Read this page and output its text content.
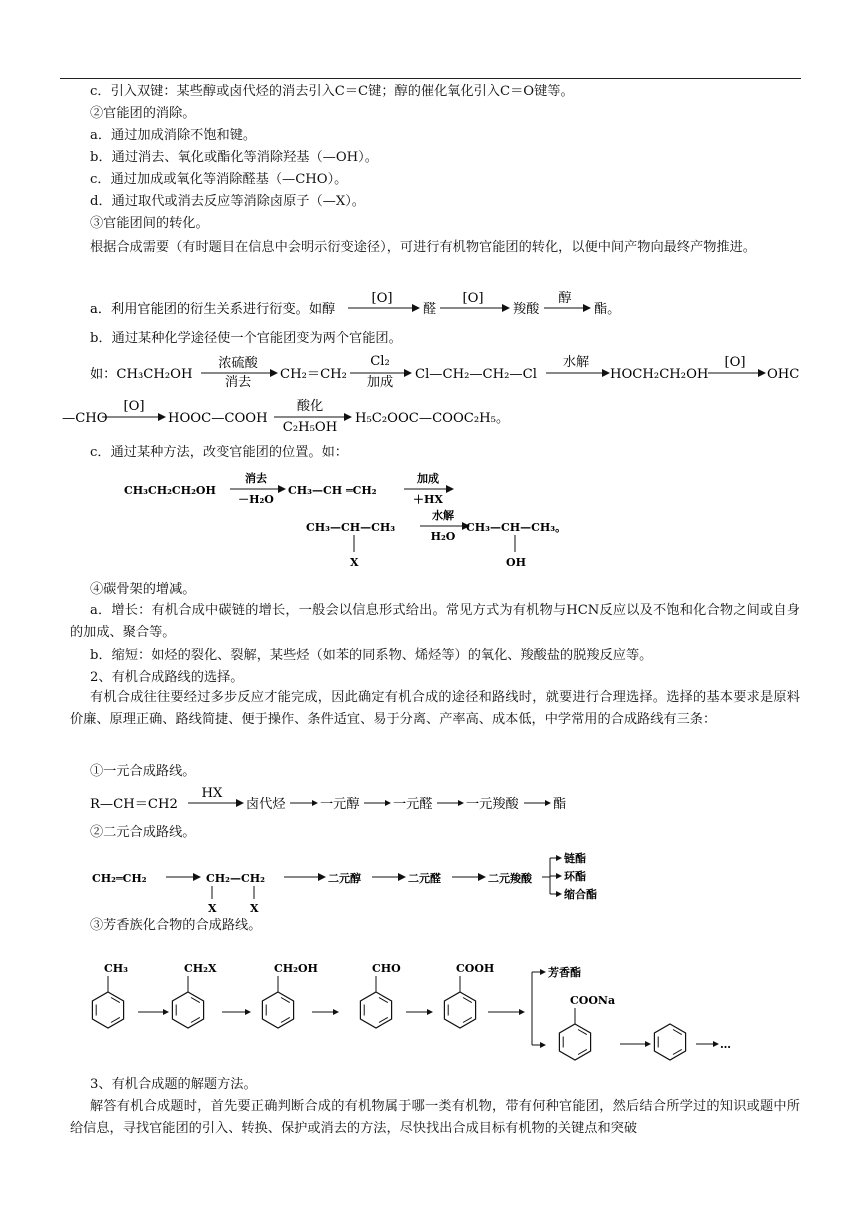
c．引入双键：某些醇或卤代烃的消去引入C＝C键；醇的催化氧化引入C＝O键等。
②官能团的消除。
a．通过加成消除不饱和键。
b．通过消去、氧化或酯化等消除羟基（—OH）。
c．通过加成或氧化等消除醛基（—CHO）。
d．通过取代或消去反应等消除卤原子（—X）。
③官能团间的转化。
根据合成需要（有时题目在信息中会明示衍变途径），可进行有机物官能团的转化，以便中间产物向最终产物推进。
a．利用官能团的衍生关系进行衍变。如醇
[O]
醛
[O]
羧酸
醇
酯。
b．通过某种化学途径使一个官能团变为两个官能团。
如：CH₃CH₂OH
浓硫酸
消去
CH₂＝CH₂
Cl₂
加成
Cl—CH₂—CH₂—Cl
水解
HOCH₂CH₂OH
[O]
OHC
—CHO
[O]
HOOC—COOH
酸化
C₂H₅OH
H₅C₂OOC—COOC₂H₅。
c．通过某种方法，改变官能团的位置。如：
CH₃CH₂CH₂OH
消去
－H₂O
CH₃—CH ═CH₂
加成
＋HX
CH₃—CH—CH₃
X
水解
H₂O
CH₃—CH—CH₃。
OH
④碳骨架的增减。
a．增长：有机合成中碳链的增长，一般会以信息形式给出。常见方式为有机物与HCN反应以及不饱和化合物之间或自身的加成、聚合等。
b．缩短：如烃的裂化、裂解，某些烃（如苯的同系物、烯烃等）的氧化、羧酸盐的脱羧反应等。
2、有机合成路线的选择。
有机合成往往要经过多步反应才能完成，因此确定有机合成的途径和路线时，就要进行合理选择。选择的基本要求是原料价廉、原理正确、路线简捷、便于操作、条件适宜、易于分离、产率高、成本低，中学常用的合成路线有三条：
①一元合成路线。
R—CH＝CH2
HX
卤代烃	一元醇	一元醛	一元羧酸	酯
②二元合成路线。
CH₂═CH₂	CH₂—CH₂
X	X
二元醇	二元醛	二元羧酸
链酯
环酯
缩合酯
③芳香族化合物的合成路线。
CH₃	CH₂X	CH₂OH	CHO	COOH	芳香酯
COONa
…
3、有机合成题的解题方法。
解答有机合成题时，首先要正确判断合成的有机物属于哪一类有机物，带有何种官能团，然后结合所学过的知识或题中所给信息，寻找官能团的引入、转换、保护或消去的方法，尽快找出合成目标有机物的关键点和突破
